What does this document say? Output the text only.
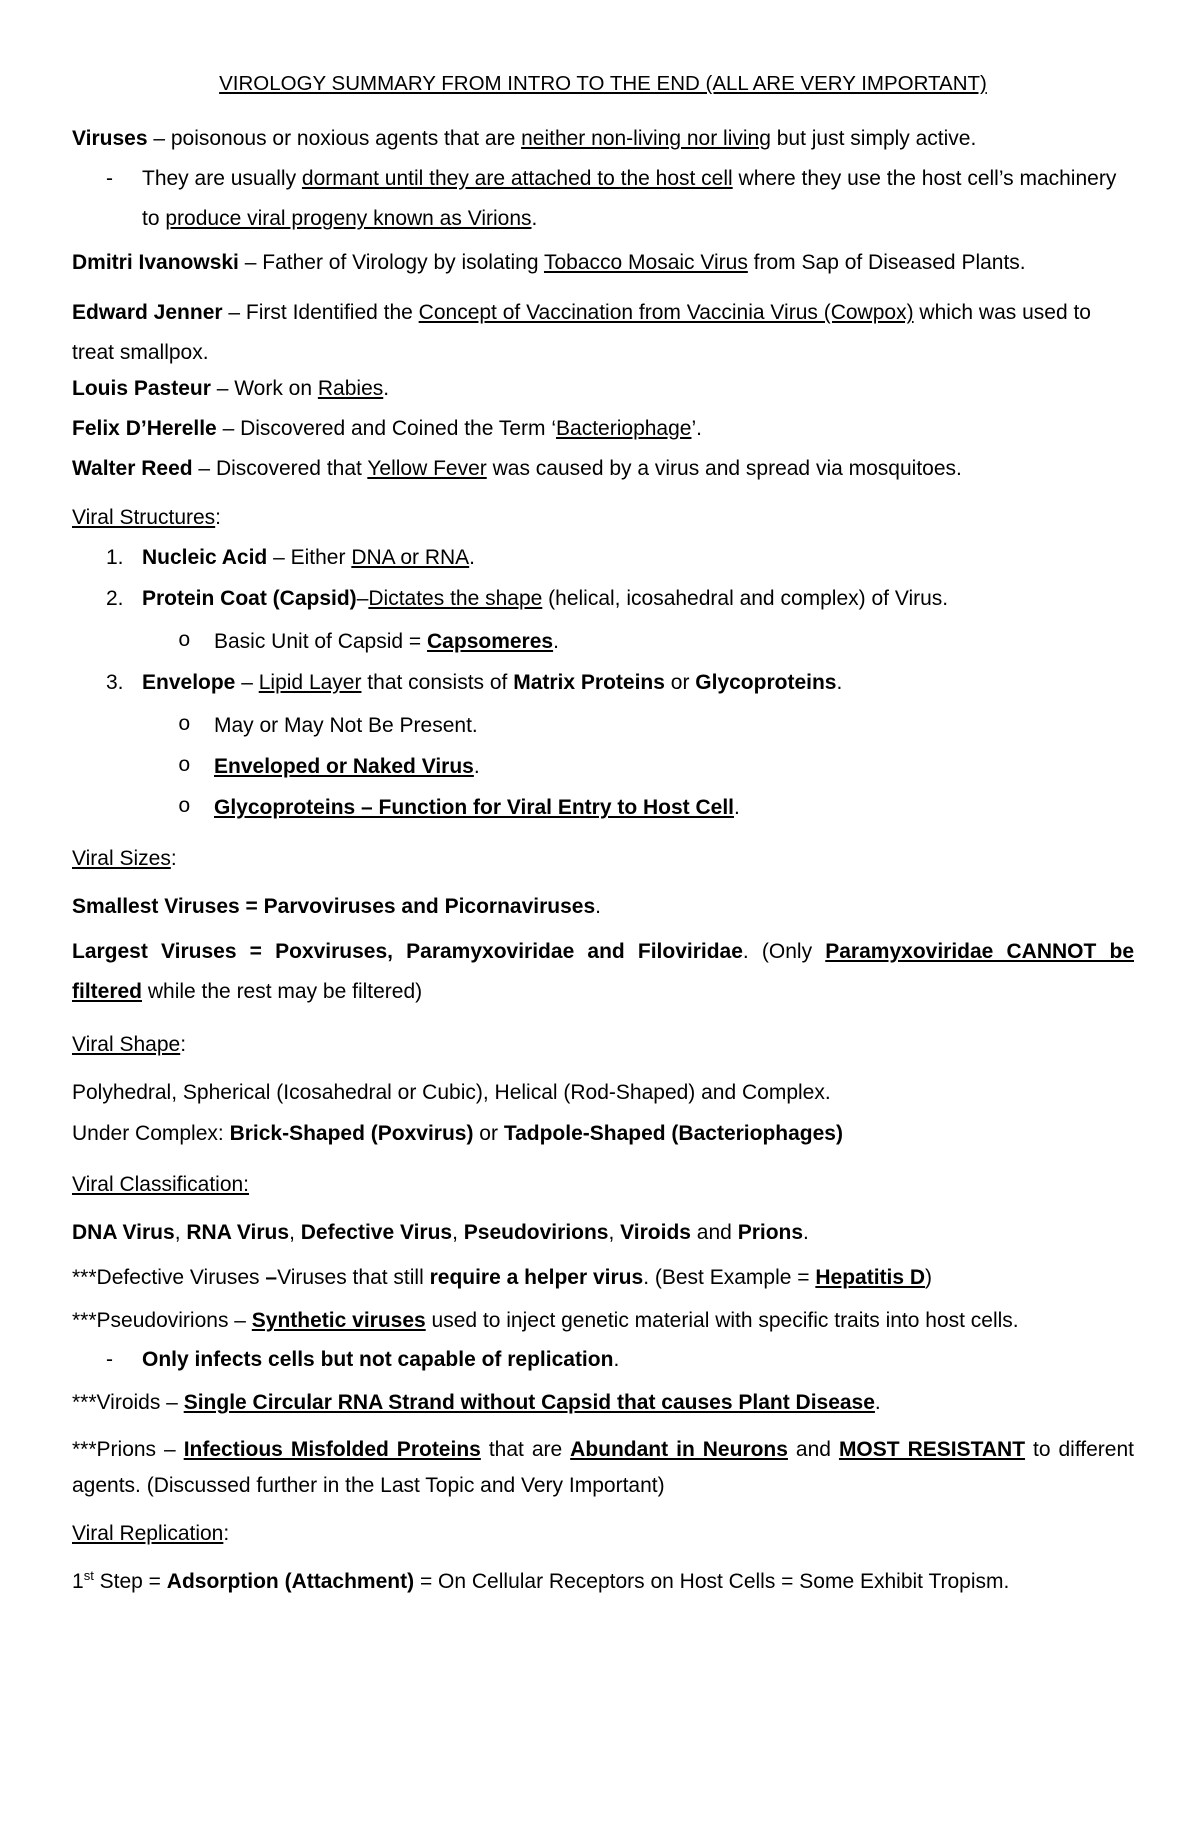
VIROLOGY SUMMARY FROM INTRO TO THE END (ALL ARE VERY IMPORTANT)

Viruses – poisonous or noxious agents that are neither non-living nor living but just simply active.

-	They are usually dormant until they are attached to the host cell where they use the host cell’s machinery to produce viral progeny known as Virions.

Dmitri Ivanowski – Father of Virology by isolating Tobacco Mosaic Virus from Sap of Diseased Plants.

Edward Jenner – First Identified the Concept of Vaccination from Vaccinia Virus (Cowpox) which was used to treat smallpox.

Louis Pasteur – Work on Rabies.

Felix D’Herelle – Discovered and Coined the Term ‘Bacteriophage’.

Walter Reed – Discovered that Yellow Fever was caused by a virus and spread via mosquitoes.

Viral Structures:

1. Nucleic Acid – Either DNA or RNA.
2. Protein Coat (Capsid)–Dictates the shape (helical, icosahedral and complex) of Virus.
o	Basic Unit of Capsid = Capsomeres.
3. Envelope – Lipid Layer that consists of Matrix Proteins or Glycoproteins.
o	May or May Not Be Present.
o	Enveloped or Naked Virus.
o	Glycoproteins – Function for Viral Entry to Host Cell.

Viral Sizes:

Smallest Viruses = Parvoviruses and Picornaviruses.

Largest Viruses = Poxviruses, Paramyxoviridae and Filoviridae. (Only Paramyxoviridae CANNOT be filtered while the rest may be filtered)

Viral Shape:

Polyhedral, Spherical (Icosahedral or Cubic), Helical (Rod-Shaped) and Complex.

Under Complex: Brick-Shaped (Poxvirus) or Tadpole-Shaped (Bacteriophages)

Viral Classification:

DNA Virus, RNA Virus, Defective Virus, Pseudovirions, Viroids and Prions.

***Defective Viruses –Viruses that still require a helper virus. (Best Example = Hepatitis D)

***Pseudovirions – Synthetic viruses used to inject genetic material with specific traits into host cells.

-	Only infects cells but not capable of replication.

***Viroids – Single Circular RNA Strand without Capsid that causes Plant Disease.

***Prions – Infectious Misfolded Proteins that are Abundant in Neurons and MOST RESISTANT to different agents. (Discussed further in the Last Topic and Very Important)

Viral Replication:

1st Step = Adsorption (Attachment) = On Cellular Receptors on Host Cells = Some Exhibit Tropism.
